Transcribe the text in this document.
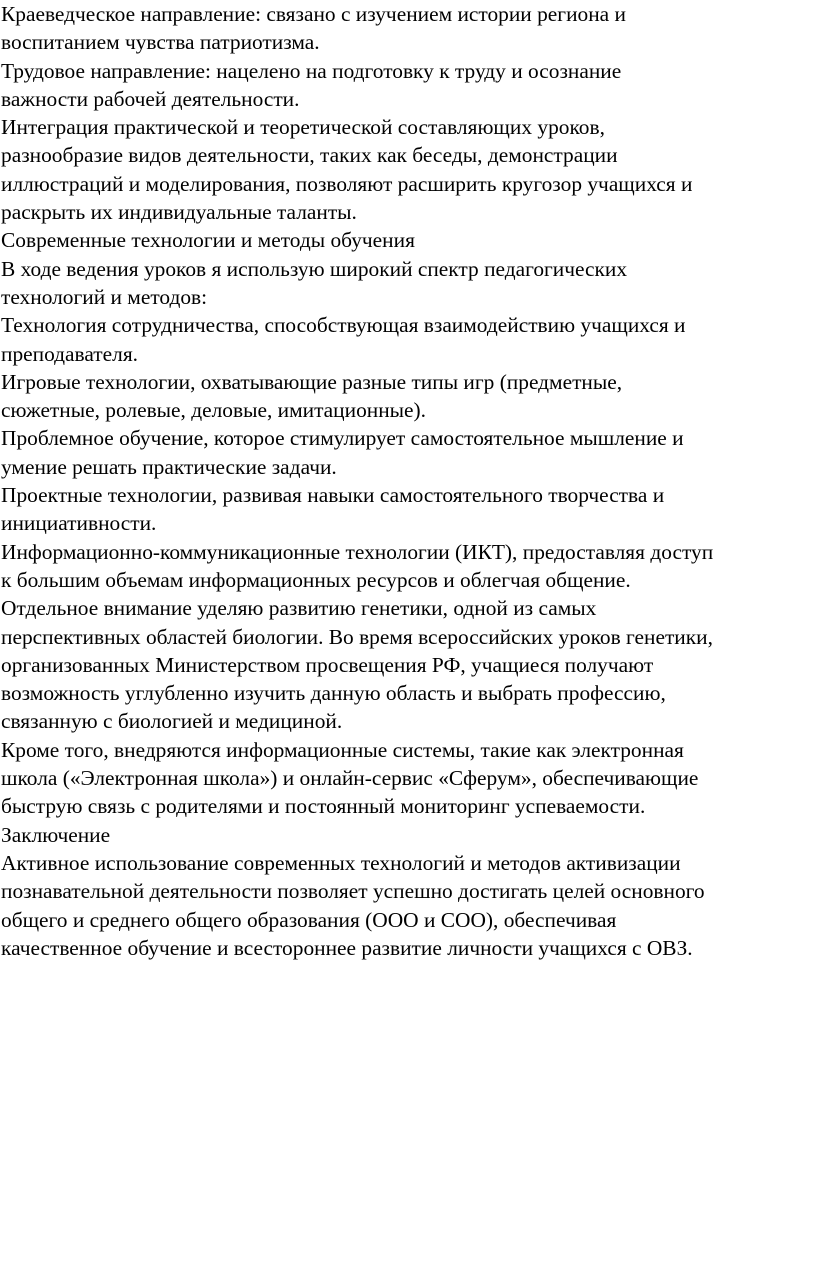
Краеведческое направление: связано с изучением истории региона и
воспитанием чувства патриотизма.
Трудовое направление: нацелено на подготовку к труду и осознание
важности рабочей деятельности.
Интеграция практической и теоретической составляющих уроков,
разнообразие видов деятельности, таких как беседы, демонстрации
иллюстраций и моделирования, позволяют расширить кругозор учащихся и
раскрыть их индивидуальные таланты.
Современные технологии и методы обучения
В ходе ведения уроков я использую широкий спектр педагогических
технологий и методов:
Технология сотрудничества, способствующая взаимодействию учащихся и
преподавателя.
Игровые технологии, охватывающие разные типы игр (предметные,
сюжетные, ролевые, деловые, имитационные).
Проблемное обучение, которое стимулирует самостоятельное мышление и
умение решать практические задачи.
Проектные технологии, развивая навыки самостоятельного творчества и
инициативности.
Информационно-коммуникационные технологии (ИКТ), предоставляя доступ
к большим объемам информационных ресурсов и облегчая общение.
Отдельное внимание уделяю развитию генетики, одной из самых
перспективных областей биологии. Во время всероссийских уроков генетики,
организованных Министерством просвещения РФ, учащиеся получают
возможность углубленно изучить данную область и выбрать профессию,
связанную с биологией и медициной.
Кроме того, внедряются информационные системы, такие как электронная
школа («Электронная школа») и онлайн-сервис «Сферум», обеспечивающие
быструю связь с родителями и постоянный мониторинг успеваемости.
Заключение
Активное использование современных технологий и методов активизации
познавательной деятельности позволяет успешно достигать целей основного
общего и среднего общего образования (ООО и СОО), обеспечивая
качественное обучение и всестороннее развитие личности учащихся с ОВЗ.
